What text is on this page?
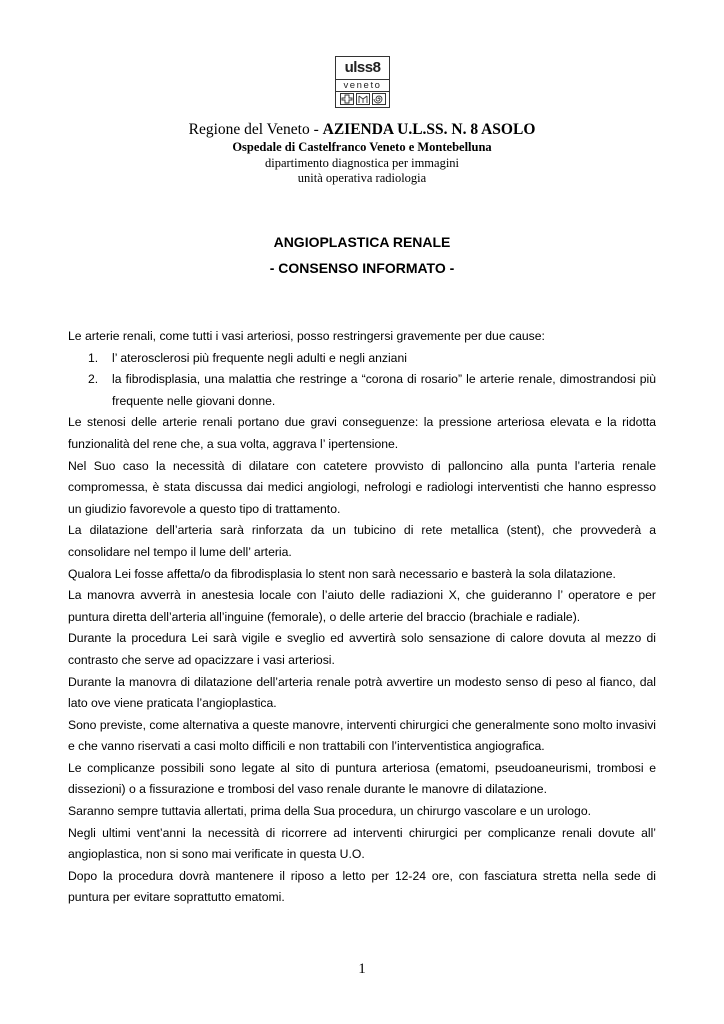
ulss8
veneto
Regione del Veneto - AZIENDA U.L.SS. N. 8 ASOLO
Ospedale di Castelfranco Veneto e Montebelluna
dipartimento diagnostica per immagini
unità operativa radiologia
ANGIOPLASTICA RENALE
- CONSENSO INFORMATO -

Le arterie renali, come tutti i vasi arteriosi, posso restringersi gravemente per due cause:

1.	l’ aterosclerosi più frequente negli adulti e negli anziani
2.	la fibrodisplasia, una malattia che restringe a “corona di rosario” le arterie renale, dimostrandosi più frequente nelle giovani donne.

Le stenosi delle arterie renali portano due gravi conseguenze: la pressione arteriosa elevata e la ridotta funzionalità del rene che, a sua volta, aggrava l’ ipertensione.

Nel Suo caso la necessità di dilatare con catetere provvisto di palloncino alla punta l’arteria renale compromessa, è stata discussa dai medici angiologi, nefrologi e radiologi interventisti che hanno espresso un giudizio favorevole a questo tipo di trattamento.

La dilatazione dell’arteria sarà rinforzata da un tubicino di rete metallica (stent), che provvederà a consolidare nel tempo il lume dell’ arteria.

Qualora Lei fosse affetta/o da fibrodisplasia lo stent non sarà necessario e basterà la sola dilatazione.

La manovra avverrà in anestesia locale con l’aiuto delle radiazioni X, che guideranno l’ operatore e per puntura diretta dell’arteria all’inguine (femorale), o delle arterie del braccio (brachiale e radiale).

Durante la procedura Lei sarà vigile e sveglio ed avvertirà solo sensazione di calore dovuta al mezzo di contrasto che serve ad opacizzare i vasi arteriosi.

Durante la manovra di dilatazione dell’arteria renale potrà avvertire un modesto senso di peso al fianco, dal lato ove viene praticata l’angioplastica.

Sono previste, come alternativa a queste manovre, interventi chirurgici che generalmente sono molto invasivi e che vanno riservati a casi molto difficili e non trattabili con l’interventistica angiografica.

Le complicanze possibili sono legate al sito di puntura arteriosa (ematomi, pseudoaneurismi, trombosi e dissezioni) o a fissurazione e trombosi del vaso renale durante le manovre di dilatazione.

Saranno sempre tuttavia allertati, prima della Sua procedura, un chirurgo vascolare e un urologo.

Negli ultimi vent’anni la necessità di ricorrere ad interventi chirurgici per complicanze renali dovute all’ angioplastica, non si sono mai verificate in questa U.O.

Dopo la procedura dovrà mantenere il riposo a letto per 12-24 ore, con fasciatura stretta nella sede di puntura per evitare soprattutto ematomi.

1
